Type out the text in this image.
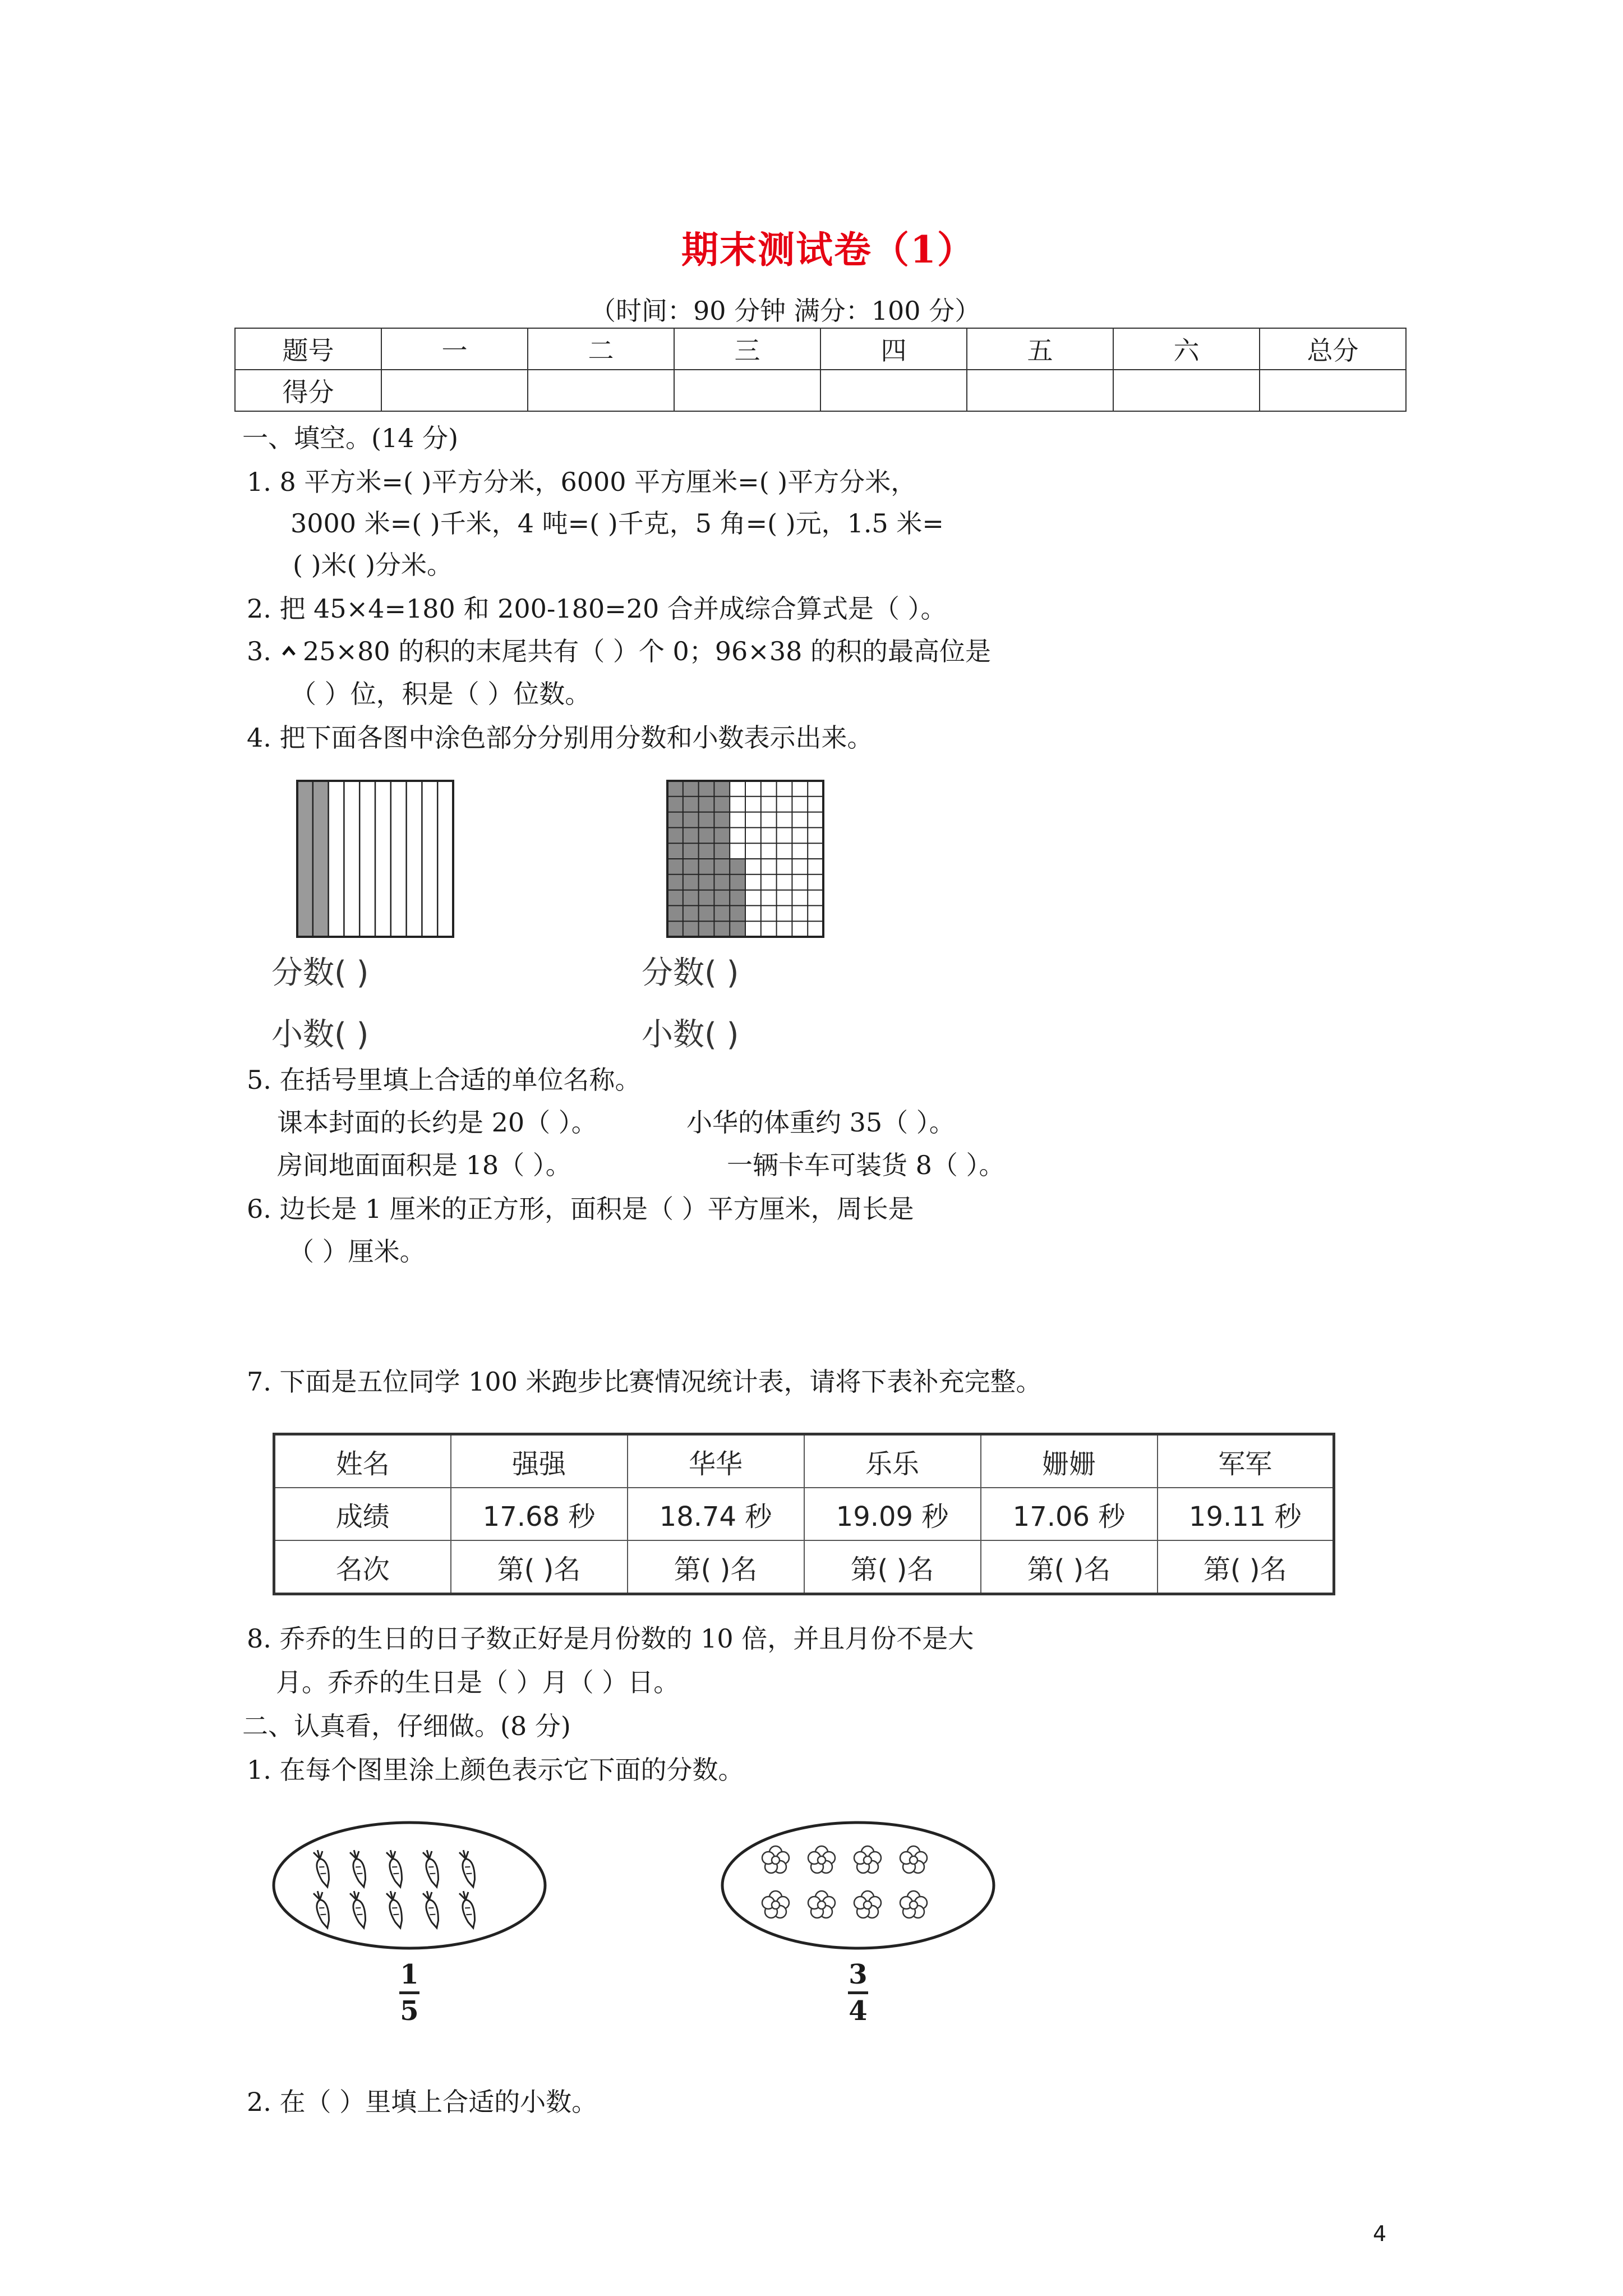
期末测试卷（1）
（时间：90 分钟 满分：100 分）
题号	一	二	三	四	五	六	总分
得分							
一、填空。(14 分)
1. 8 平方米=( )平方分米，6000 平方厘米=( )平方分米，
3000 米=( )千米，4 吨=( )千克，5 角=( )元，1.5 米=
( )米( )分米。
2. 把 45×4=180 和 200-180=20 合并成综合算式是（ ）。
3. 25×80 的积的末尾共有（ ）个 0；96×38 的积的最高位是
（ ）位，积是（ ）位数。
4. 把下面各图中涂色部分分别用分数和小数表示出来。
分数( )
小数( )
分数( )
小数( )
5. 在括号里填上合适的单位名称。
课本封面的长约是 20（ ）。	小华的体重约 35（ ）。
房间地面面积是 18（ ）。	一辆卡车可装货 8（ ）。
6. 边长是 1 厘米的正方形，面积是（ ）平方厘米，周长是
（ ）厘米。
7. 下面是五位同学 100 米跑步比赛情况统计表，请将下表补充完整。
姓名	强强	华华	乐乐	姗姗	军军
成绩	17.68 秒	18.74 秒	19.09 秒	17.06 秒	19.11 秒
名次	第( )名	第( )名	第( )名	第( )名	第( )名
8. 乔乔的生日的日子数正好是月份数的 10 倍，并且月份不是大
月。乔乔的生日是（ ）月（ ）日。
二、认真看，仔细做。(8 分)
1. 在每个图里涂上颜色表示它下面的分数。
1
5
3
4
2. 在（ ）里填上合适的小数。
4
